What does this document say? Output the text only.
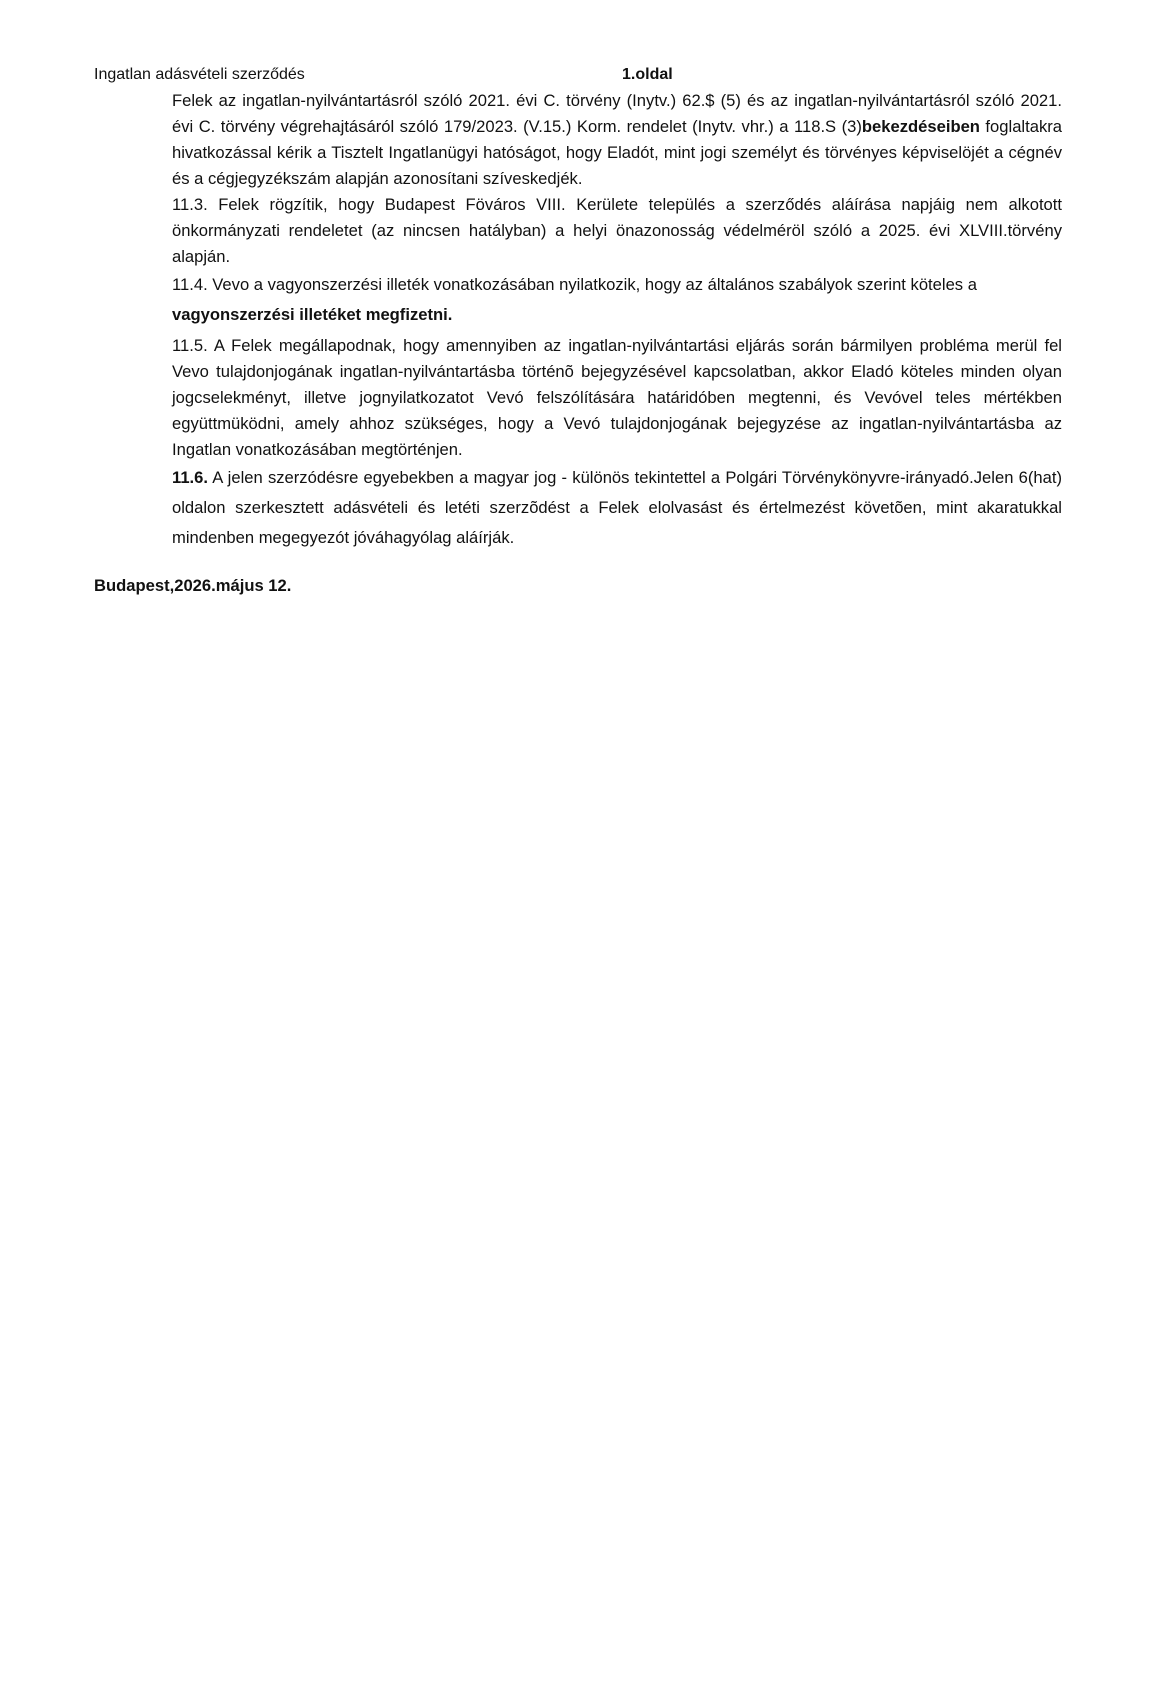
Ingatlan adásvételi szerződés	1.oldal

Felek az ingatlan-nyilvántartásról szóló 2021. évi C. törvény (Inytv.) 62.$ (5) és az ingatlan-nyilvántartásról szóló 2021. évi C. törvény végrehajtásáról szóló 179/2023. (V.15.) Korm. rendelet (Inytv. vhr.) a 118.S (3)bekezdéseiben foglaltakra hivatkozással kérik a Tisztelt Ingatlanügyi hatóságot, hogy Eladót, mint jogi személyt és törvényes képviselöjét a cégnév és a cégjegyzékszám alapján azonosítani szíveskedjék.

11.3. Felek rögzítik, hogy Budapest Föváros VIII. Kerülete település a szerződés aláírása napjáig nem alkotott önkormányzati rendeletet (az nincsen hatályban) a helyi önazonosság védelméröl szóló a 2025. évi XLVIII.törvény alapján.

11.4. Vevo a vagyonszerzési illeték vonatkozásában nyilatkozik, hogy az általános szabályok szerint köteles a
vagyonszerzési illetéket megfizetni.

11.5. A Felek megállapodnak, hogy amennyiben az ingatlan-nyilvántartási eljárás során bármilyen probléma merül fel Vevo tulajdonjogának ingatlan-nyilvántartásba történõ bejegyzésével kapcsolatban, akkor Eladó köteles minden olyan jogcselekményt, illetve jognyilatkozatot Vevó felszólítására határidóben megtenni, és Vevóvel teles mértékben együttmüködni, amely ahhoz szükséges, hogy a Vevó tulajdonjogának bejegyzése az ingatlan-nyilvántartásba az Ingatlan vonatkozásában megtörténjen.

11.6. A jelen szerzódésre egyebekben a magyar jog - különös tekintettel a Polgári Törvénykönyvre-irányadó.Jelen 6(hat) oldalon szerkesztett adásvételi és letéti szerzõdést a Felek elolvasást és értelmezést követõen, mint akaratukkal mindenben megegyezót jóváhagyólag aláírják.

Budapest,2026.május 12.
